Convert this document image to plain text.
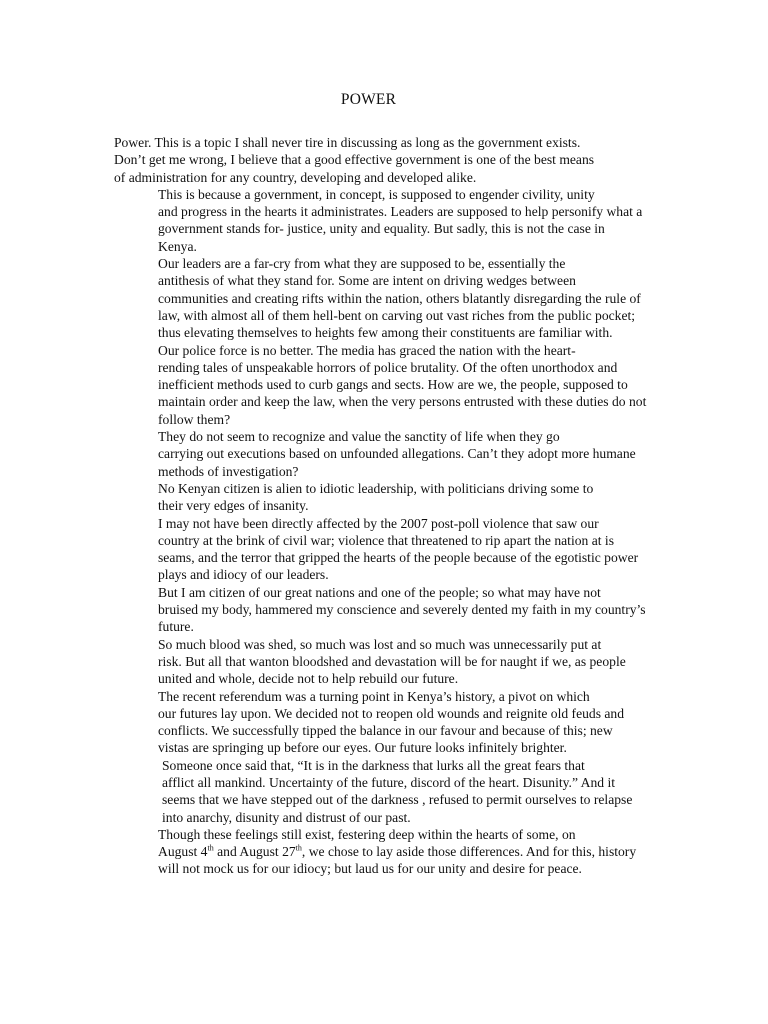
POWER

Power. This is a topic I shall never tire in discussing as long as the government exists.
Don’t get me wrong, I believe that a good effective government is one of the best means
of administration for any country, developing and developed alike.

This is because a government, in concept, is supposed to engender civility, unity
and progress in the hearts it administrates. Leaders are supposed to help personify what a
government stands for- justice, unity and equality. But sadly, this is not the case in
Kenya.

Our leaders are a far-cry from what they are supposed to be, essentially the
antithesis of what they stand for. Some are intent on driving wedges between
communities and creating rifts within the nation, others blatantly disregarding the rule of
law, with almost all of them hell-bent on carving out vast riches from the public pocket;
thus elevating themselves to heights few among their constituents are familiar with.

Our police force is no better. The media has graced the nation with the heart-
rending tales of unspeakable horrors of police brutality. Of the often unorthodox and
inefficient methods used to curb gangs and sects. How are we, the people, supposed to
maintain order and keep the law, when the very persons entrusted with these duties do not
follow them?

They do not seem to recognize and value the sanctity of life when they go
carrying out executions based on unfounded allegations. Can’t they adopt more humane
methods of investigation?

No Kenyan citizen is alien to idiotic leadership, with politicians driving some to
their very edges of insanity.

I may not have been directly affected by the 2007 post-poll violence that saw our
country at the brink of civil war; violence that threatened to rip apart the nation at is
seams, and the terror that gripped the hearts of the people because of the egotistic power
plays and idiocy of our leaders.

But I am citizen of our great nations and one of the people; so what may have not
bruised my body, hammered my conscience and severely dented my faith in my country’s
future.

So much blood was shed, so much was lost and so much was unnecessarily put at
risk. But all that wanton bloodshed and devastation will be for naught if we, as people
united and whole, decide not to help rebuild our future.

The recent referendum was a turning point in Kenya’s history, a pivot on which
our futures lay upon. We decided not to reopen old wounds and reignite old feuds and
conflicts. We successfully tipped the balance in our favour and because of this; new
vistas are springing up before our eyes. Our future looks infinitely brighter.

Someone once said that, “It is in the darkness that lurks all the great fears that
afflict all mankind. Uncertainty of the future, discord of the heart. Disunity.” And it
seems that we have stepped out of the darkness , refused to permit ourselves to relapse
into anarchy, disunity and distrust of our past.

Though these feelings still exist, festering deep within the hearts of some, on
August 4th and August 27th, we chose to lay aside those differences. And for this, history
will not mock us for our idiocy; but laud us for our unity and desire for peace.
